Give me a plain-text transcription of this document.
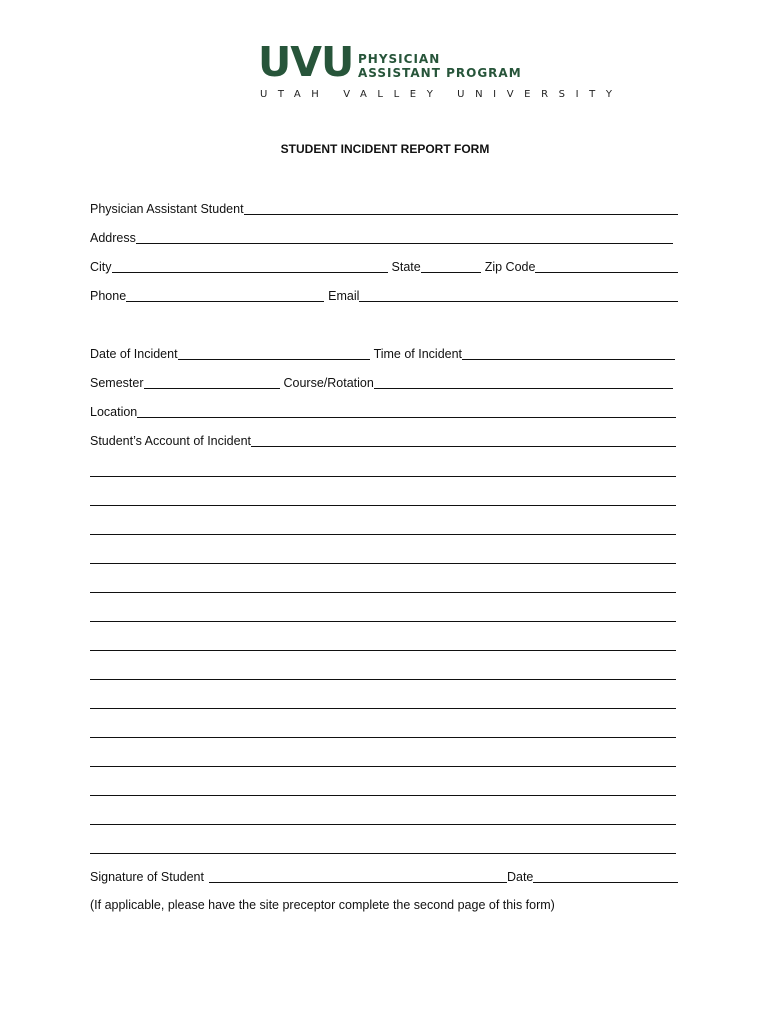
UVU PHYSICIAN
ASSISTANT PROGRAM
UTAH VALLEY UNIVERSITY
STUDENT INCIDENT REPORT FORM
Physician Assistant Student
Address
City	State	Zip Code
Phone	Email
Date of Incident	Time of Incident
Semester	Course/Rotation
Location
Student’s Account of Incident
Signature of Student	Date
(If applicable, please have the site preceptor complete the second page of this form)
